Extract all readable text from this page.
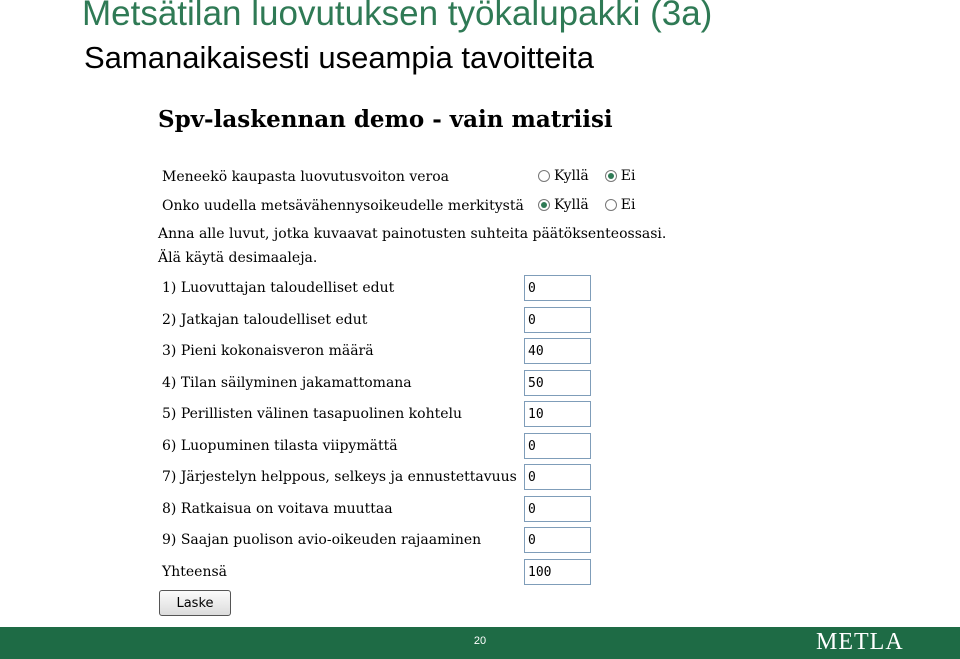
Metsätilan luovutuksen työkalupakki (3a)
Samanaikaisesti useampia tavoitteita
Spv-laskennan demo - vain matriisi
Meneekö kaupasta luovutusvoiton veroa	Kyllä Ei
Onko uudella metsävähennysoikeudelle merkitystä Kyllä Ei
Anna alle luvut, jotka kuvaavat painotusten suhteita päätöksenteossasi.
Älä käytä desimaaleja.
1) Luovuttajan taloudelliset edut
0
2) Jatkajan taloudelliset edut
0
3) Pieni kokonaisveron määrä
40
4) Tilan säilyminen jakamattomana
50
5) Perillisten välinen tasapuolinen kohtelu
10
6) Luopuminen tilasta viipymättä
0
7) Järjestelyn helppous, selkeys ja ennustettavuus
0
8) Ratkaisua on voitava muuttaa
0
9) Saajan puolison avio-oikeuden rajaaminen
0
Yhteensä
100
Laske
20	METLA
